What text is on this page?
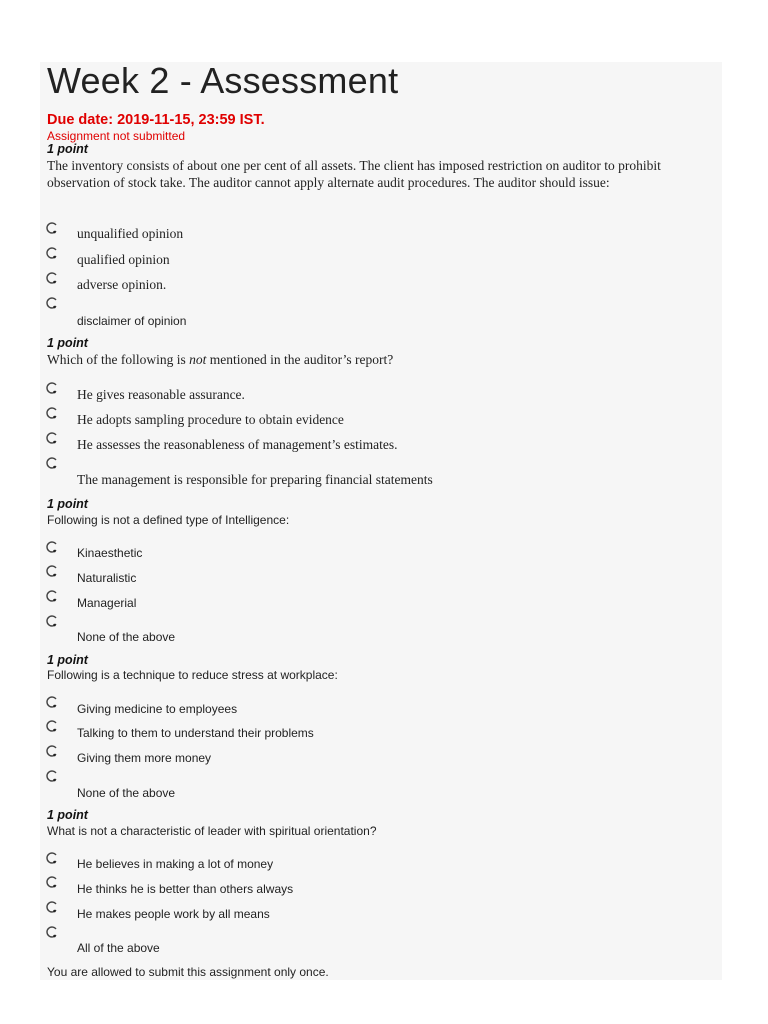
Week 2 - Assessment
Due date: 2019-11-15, 23:59 IST.
Assignment not submitted
1 point
The inventory consists of about one per cent of all assets. The client has imposed restriction on auditor to prohibit observation of stock take. The auditor cannot apply alternate audit procedures. The auditor should issue:
unqualified opinion
qualified opinion
adverse opinion.
disclaimer of opinion
1 point
Which of the following is not mentioned in the auditor’s report?
He gives reasonable assurance.
He adopts sampling procedure to obtain evidence
He assesses the reasonableness of management’s estimates.
The management is responsible for preparing financial statements
1 point
Following is not a defined type of Intelligence:
Kinaesthetic
Naturalistic
Managerial
None of the above
1 point
Following is a technique to reduce stress at workplace:
Giving medicine to employees
Talking to them to understand their problems
Giving them more money
None of the above
1 point
What is not a characteristic of leader with spiritual orientation?
He believes in making a lot of money
He thinks he is better than others always
He makes people work by all means
All of the above
You are allowed to submit this assignment only once.
